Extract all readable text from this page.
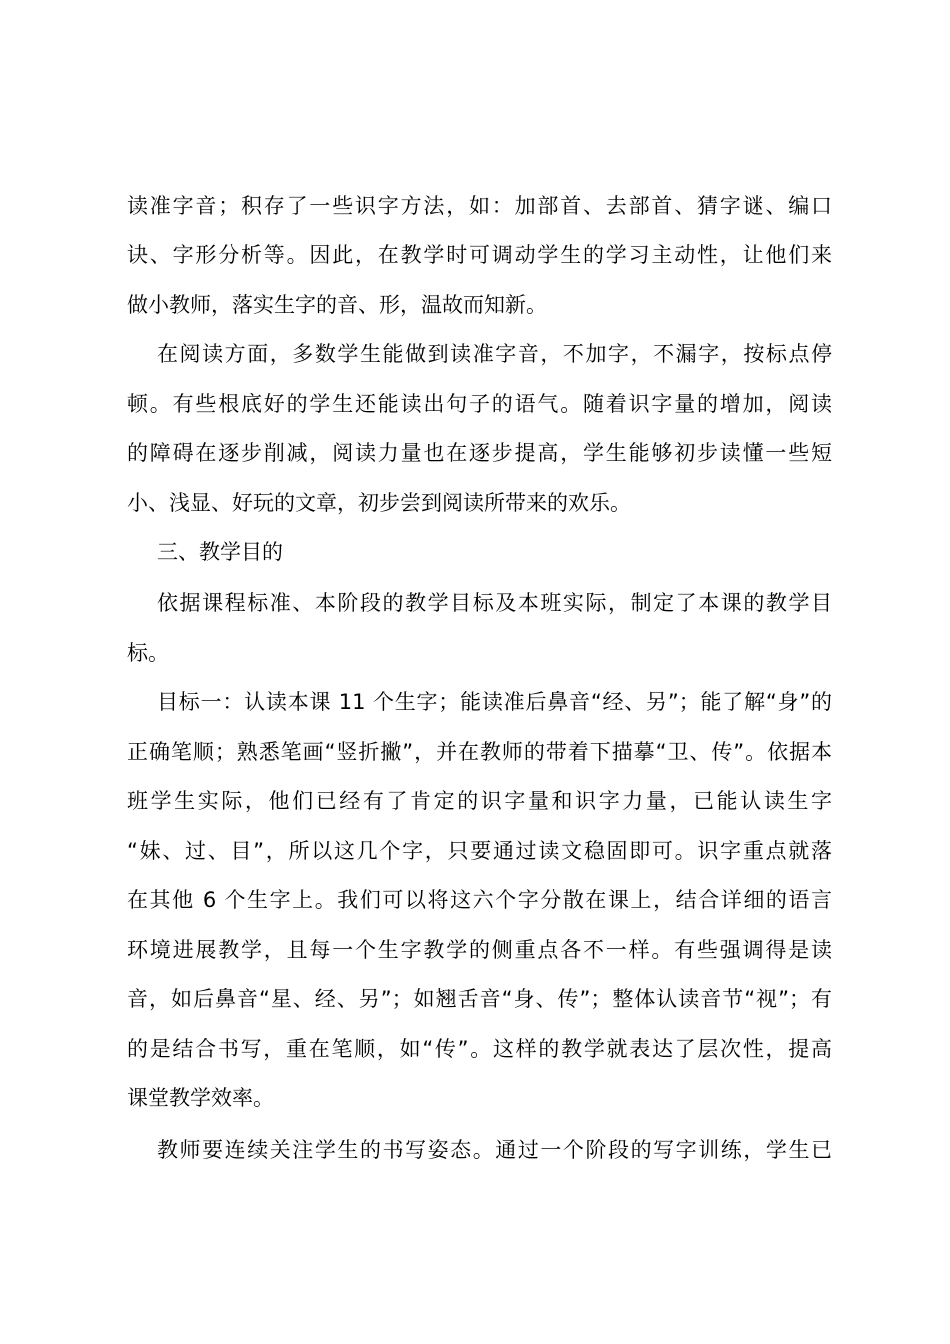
读准字音；积存了一些识字方法，如：加部首、去部首、猜字谜、编口
诀、字形分析等。因此，在教学时可调动学生的学习主动性，让他们来
做小教师，落实生字的音、形，温故而知新。
在阅读方面，多数学生能做到读准字音，不加字，不漏字，按标点停
顿。有些根底好的学生还能读出句子的语气。随着识字量的增加，阅读
的障碍在逐步削减，阅读力量也在逐步提高，学生能够初步读懂一些短
小、浅显、好玩的文章，初步尝到阅读所带来的欢乐。
三、教学目的
依据课程标准、本阶段的教学目标及本班实际，制定了本课的教学目
标。
目标一：认读本课 11 个生字；能读准后鼻音“经、另”；能了解“身”的
正确笔顺；熟悉笔画“竖折撇”，并在教师的带着下描摹“卫、传”。依据本
班学生实际，他们已经有了肯定的识字量和识字力量，已能认读生字
“妹、过、目”，所以这几个字，只要通过读文稳固即可。识字重点就落
在其他 6 个生字上。我们可以将这六个字分散在课上，结合详细的语言
环境进展教学，且每一个生字教学的侧重点各不一样。有些强调得是读
音，如后鼻音“星、经、另”；如翘舌音“身、传”；整体认读音节“视”；有
的是结合书写，重在笔顺，如“传”。这样的教学就表达了层次性，提高
课堂教学效率。
教师要连续关注学生的书写姿态。通过一个阶段的写字训练，学生已
